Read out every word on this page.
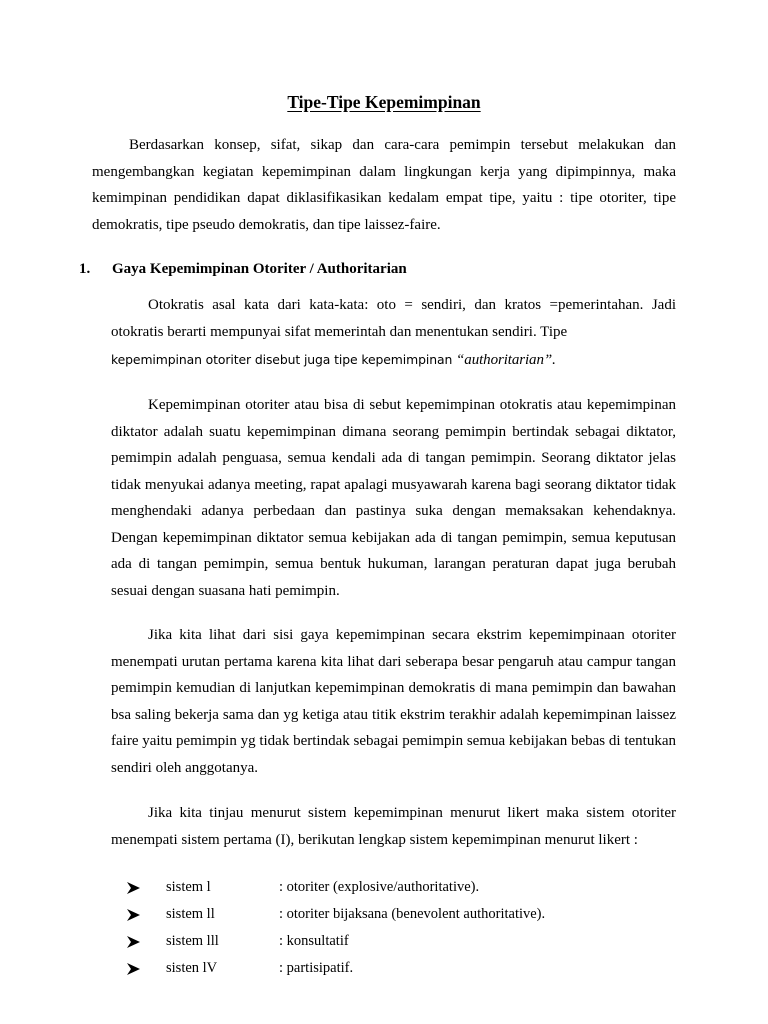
Tipe-Tipe Kepemimpinan

Berdasarkan konsep, sifat, sikap dan cara-cara pemimpin tersebut melakukan dan mengembangkan kegiatan kepemimpinan dalam lingkungan kerja yang dipimpinnya, maka kemimpinan pendidikan dapat diklasifikasikan kedalam empat tipe, yaitu : tipe otoriter, tipe demokratis, tipe pseudo demokratis, dan tipe laissez-faire.

1. Gaya Kepemimpinan Otoriter / Authoritarian

Otokratis asal kata dari kata-kata: oto = sendiri, dan kratos =pemerintahan. Jadi otokratis berarti mempunyai sifat memerintah dan menentukan sendiri. Tipe
kepemimpinan otoriter disebut juga tipe kepemimpinan “authoritarian”.

Kepemimpinan otoriter atau bisa di sebut kepemimpinan otokratis atau kepemimpinan diktator adalah suatu kepemimpinan dimana seorang pemimpin bertindak sebagai diktator, pemimpin adalah penguasa, semua kendali ada di tangan pemimpin. Seorang diktator jelas tidak menyukai adanya meeting, rapat apalagi musyawarah karena bagi seorang diktator tidak menghendaki adanya perbedaan dan pastinya suka dengan memaksakan kehendaknya. Dengan kepemimpinan diktator semua kebijakan ada di tangan pemimpin, semua keputusan ada di tangan pemimpin, semua bentuk hukuman, larangan peraturan dapat juga berubah sesuai dengan suasana hati pemimpin.

Jika kita lihat dari sisi gaya kepemimpinan secara ekstrim kepemimpinaan otoriter menempati urutan pertama karena kita lihat dari seberapa besar pengaruh atau campur tangan pemimpin kemudian di lanjutkan kepemimpinan demokratis di mana pemimpin dan bawahan bsa saling bekerja sama dan yg ketiga atau titik ekstrim terakhir adalah kepemimpinan laissez faire yaitu pemimpin yg tidak bertindak sebagai pemimpin semua kebijakan bebas di tentukan sendiri oleh anggotanya.

Jika kita tinjau menurut sistem kepemimpinan menurut likert maka sistem otoriter menempati sistem pertama (I), berikutan lengkap sistem kepemimpinan menurut likert :

sistem l	: otoriter (explosive/authoritative).
sistem ll	: otoriter bijaksana (benevolent authoritative).
sistem lll	: konsultatif
sisten lV	: partisipatif.
